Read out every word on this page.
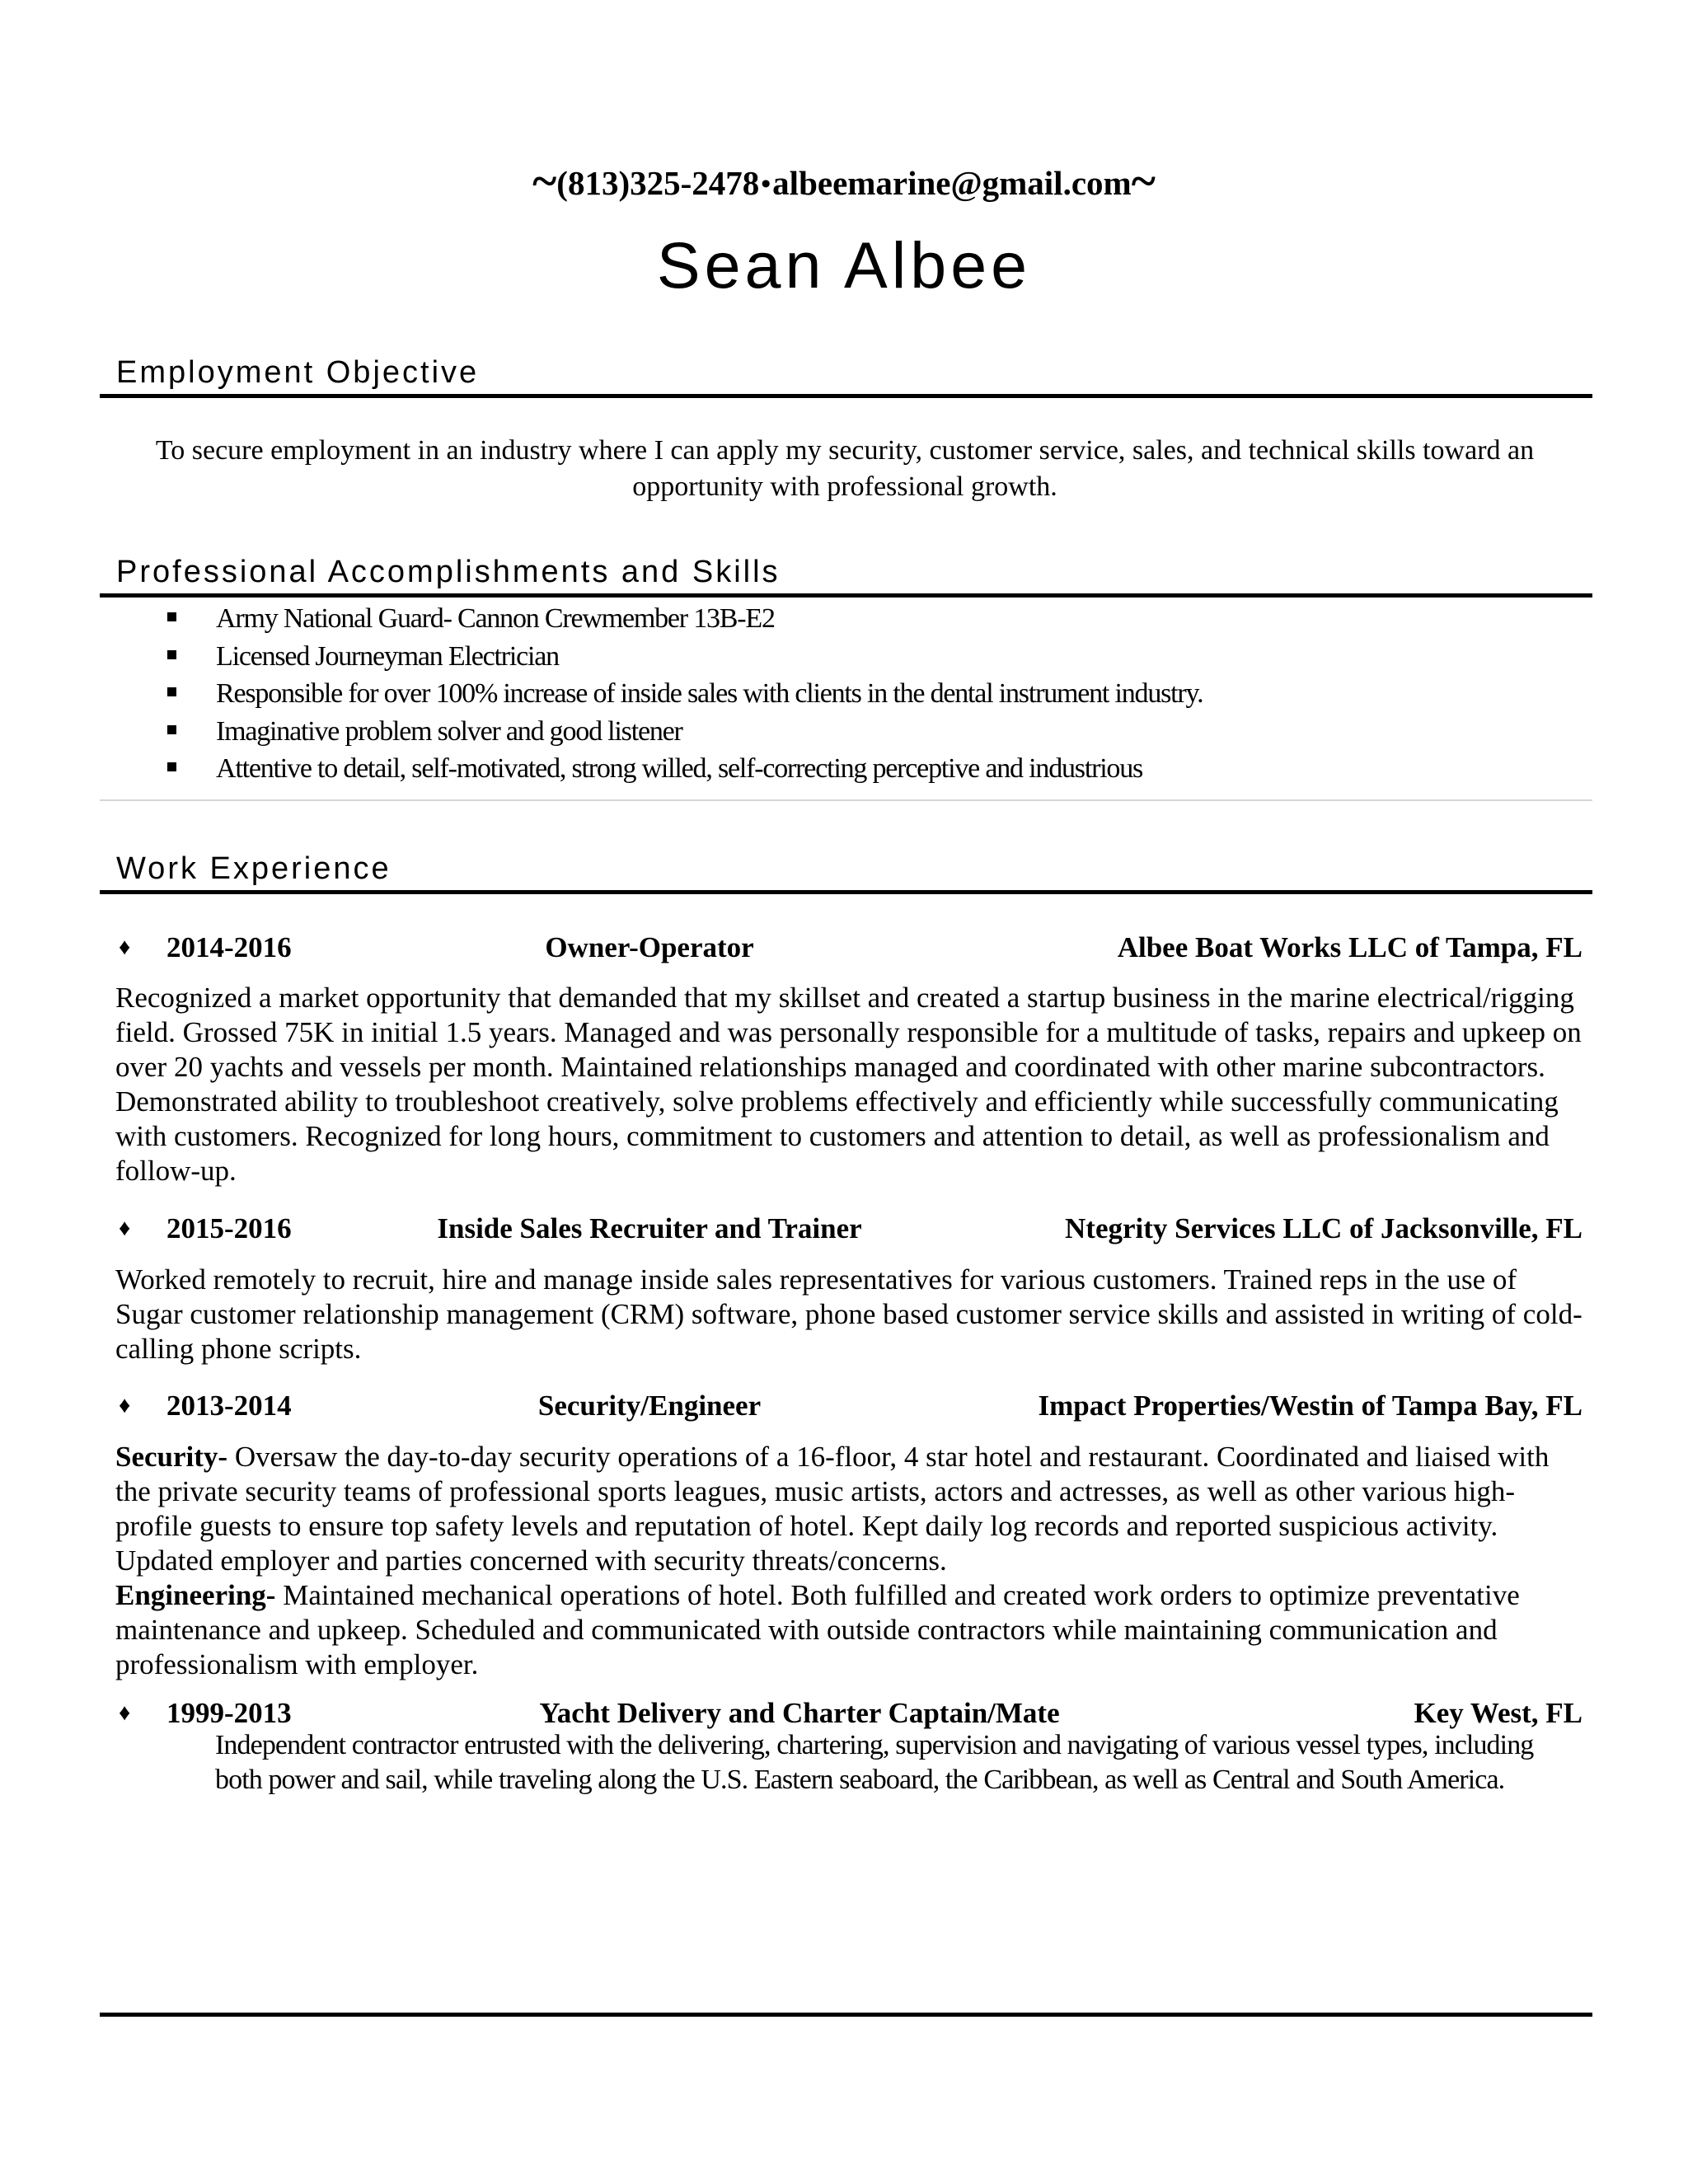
~(813)325-2478•albeemarine@gmail.com~
Sean Albee
Employment Objective
To secure employment in an industry where I can apply my security, customer service, sales, and technical skills toward an opportunity with professional growth.
Professional Accomplishments and Skills
Army National Guard- Cannon Crewmember 13B-E2
Licensed Journeyman Electrician
Responsible for over 100% increase of inside sales with clients in the dental instrument industry.
Imaginative problem solver and good listener
Attentive to detail, self-motivated, strong willed, self-correcting perceptive and industrious
Work Experience
♦ 2014-2016	Owner-Operator	Albee Boat Works LLC of Tampa, FL

Recognized a market opportunity that demanded that my skillset and created a startup business in the marine electrical/rigging field. Grossed 75K in initial 1.5 years. Managed and was personally responsible for a multitude of tasks, repairs and upkeep on over 20 yachts and vessels per month. Maintained relationships managed and coordinated with other marine subcontractors. Demonstrated ability to troubleshoot creatively, solve problems effectively and efficiently while successfully communicating with customers. Recognized for long hours, commitment to customers and attention to detail, as well as professionalism and follow-up.

♦ 2015-2016	Inside Sales Recruiter and Trainer	Ntegrity Services LLC of Jacksonville, FL

Worked remotely to recruit, hire and manage inside sales representatives for various customers. Trained reps in the use of Sugar customer relationship management (CRM) software, phone based customer service skills and assisted in writing of cold-calling phone scripts.

♦ 2013-2014	Security/Engineer	Impact Properties/Westin of Tampa Bay, FL

Security- Oversaw the day-to-day security operations of a 16-floor, 4 star hotel and restaurant. Coordinated and liaised with the private security teams of professional sports leagues, music artists, actors and actresses, as well as other various high-profile guests to ensure top safety levels and reputation of hotel. Kept daily log records and reported suspicious activity. Updated employer and parties concerned with security threats/concerns.

Engineering- Maintained mechanical operations of hotel. Both fulfilled and created work orders to optimize preventative maintenance and upkeep. Scheduled and communicated with outside contractors while maintaining communication and professionalism with employer.

♦ 1999-2013	Yacht Delivery and Charter Captain/Mate	Key West, FL

Independent contractor entrusted with the delivering, chartering, supervision and navigating of various vessel types, including both power and sail, while traveling along the U.S. Eastern seaboard, the Caribbean, as well as Central and South America.
